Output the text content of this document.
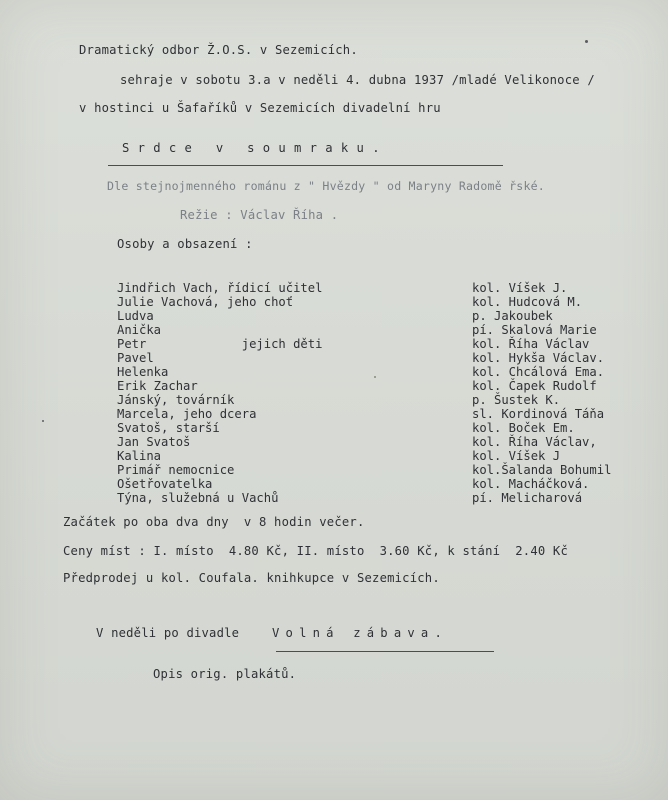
Dramatický odbor Ž.O.S. v Sezemicích.
sehraje v sobotu 3.a v neděli 4. dubna 1937 /mladé Velikonoce /
v hostinci u Šafaříků v Sezemicích divadelní hru
Srdce v soumraku.
Dle stejnojmenného románu z " Hvězdy " od Maryny Radomě řské.
Režie : Václav Říha .
Osoby a obsazení :
Jindřich Vach, řídicí učitel	kol. Víšek J.
Julie Vachová, jeho choť	kol. Hudcová M.
Ludva	p. Jakoubek
Anička	pí. Skalová Marie
Petr             jejich děti	kol. Říha Václav
Pavel	kol. Hykša Václav.
Helenka	kol. Chcálová Ema.
Erik Zachar	kol. Čapek Rudolf
Jánský, továrník	p. Šustek K.
Marcela, jeho dcera	sl. Kordinová Táňa
Svatoš, starší	kol. Boček Em.
Jan Svatoš	kol. Říha Václav,
Kalina	kol. Víšek J
Primář nemocnice	kol.Šalanda Bohumil
Ošetřovatelka	kol. Macháčková.
Týna, služebná u Vachů	pí. Melicharová
Začátek po oba dva dny  v 8 hodin večer.
Ceny míst : I. místo  4.80 Kč, II. místo  3.60 Kč, k stání  2.40 Kč
Předprodej u kol. Coufala. knihkupce v Sezemicích.
V neděli po divadle	Volná zábava.
Opis orig. plakátů.
